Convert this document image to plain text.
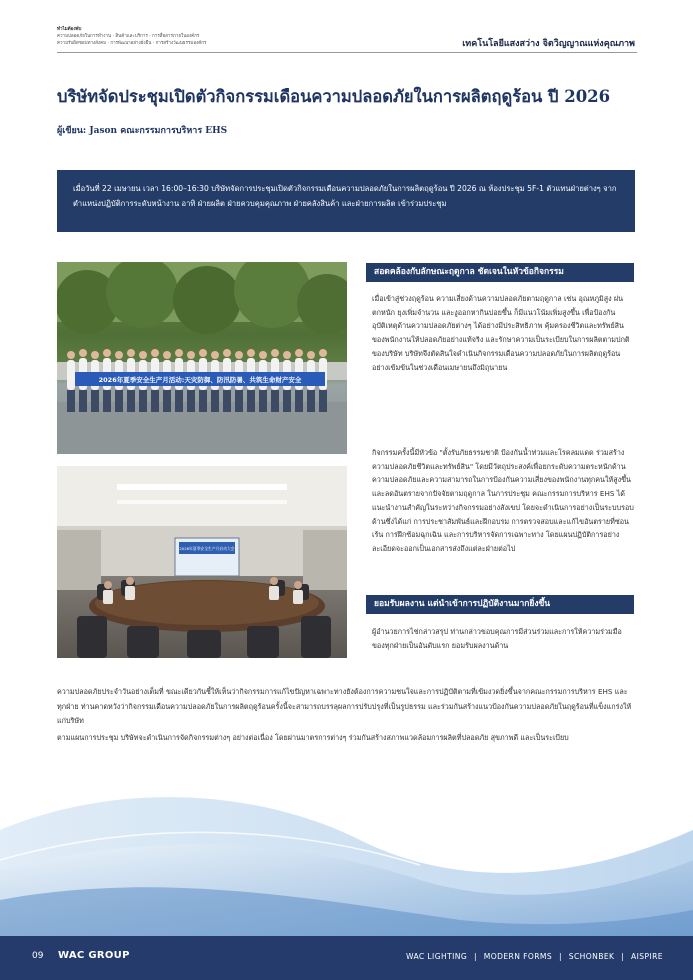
ทำไมต้องพับ
ความปลอดภัยในการทำงาน · สินค้าและบริการ · การสื่อสารภายในองค์กร
ความรับผิดชอบทางสังคม · การพัฒนาอย่างยั่งยืน · การสร้างวัฒนธรรมองค์กร	เทคโนโลยีแสงสว่าง จิตวิญญาณแห่งคุณภาพ
บริษัทจัดประชุมเปิดตัวกิจกรรมเดือนความปลอดภัยในการผลิตฤดูร้อน ปี 2026
ผู้เขียน: Jason คณะกรรมการบริหาร EHS
เมื่อวันที่ 22 เมษายน เวลา 16:00–16:30 บริษัทจัดการประชุมเปิดตัวกิจกรรมเดือนความปลอดภัยในการผลิตฤดูร้อน ปี 2026 ณ ห้องประชุม 5F-1 ตัวแทนฝ่ายต่างๆ จากตำแหน่งปฏิบัติการระดับหน้างาน อาทิ ฝ่ายผลิต ฝ่ายควบคุมคุณภาพ ฝ่ายคลังสินค้า และฝ่ายการผลิต เข้าร่วมประชุม
2026年夏季安全生产月活动:天灾防御、防汛防暑、共筑生命财产安全
2026年夏季安全生产月启动大会
สอดคล้องกับลักษณะฤดูกาล ชัดเจนในหัวข้อกิจกรรม
เมื่อเข้าสู่ช่วงฤดูร้อน ความเสี่ยงด้านความปลอดภัยตามฤดูกาล เช่น อุณหภูมิสูง ฝนตกหนัก ยุงเพิ่มจำนวน และงูออกหากินบ่อยขึ้น ก็มีแนวโน้มเพิ่มสูงขึ้น เพื่อป้องกันอุบัติเหตุด้านความปลอดภัยต่างๆ ได้อย่างมีประสิทธิภาพ คุ้มครองชีวิตและทรัพย์สินของพนักงานให้ปลอดภัยอย่างแท้จริง และรักษาความเป็นระเบียบในการผลิตตามปกติของบริษัท บริษัทจึงตัดสินใจดำเนินกิจกรรมเดือนความปลอดภัยในการผลิตฤดูร้อนอย่างเข้มข้นในช่วงเดือนเมษายนถึงมิถุนายน
กิจกรรมครั้งนี้มีหัวข้อ "ตั้งรับภัยธรรมชาติ ป้องกันน้ำท่วมและโรคลมแดด ร่วมสร้างความปลอดภัยชีวิตและทรัพย์สิน" โดยมีวัตถุประสงค์เพื่อยกระดับความตระหนักด้านความปลอดภัยและความสามารถในการป้องกันความเสี่ยงของพนักงานทุกคนให้สูงขึ้น และลดอันตรายจากปัจจัยตามฤดูกาล ในการประชุม คณะกรรมการบริหาร EHS ได้แนะนำงานสำคัญในระหว่างกิจกรรมอย่างสังเขป โดยจะดำเนินการอย่างเป็นระบบรอบด้านซึ่งได้แก่ การประชาสัมพันธ์และฝึกอบรม การตรวจสอบและแก้ไขอันตรายที่ซ่อนเร้น การฝึกซ้อมฉุกเฉิน และการบริหารจัดการเฉพาะทาง โดยแผนปฏิบัติการอย่างละเอียดจะออกเป็นเอกสารส่งถึงแต่ละฝ่ายต่อไป
ยอมรับผลงาน แต่นำเข้าการปฏิบัติงานมากยิ่งขึ้น
ผู้อำนวยการไช่กล่าวสรุป ท่านกล่าวขอบคุณการมีส่วนร่วมและการให้ความร่วมมือของทุกฝ่ายเป็นอันดับแรก ยอมรับผลงานด้าน
ความปลอดภัยประจำวันอย่างเต็มที่ ขณะเดียวกันชี้ให้เห็นว่ากิจกรรมการแก้ไขปัญหาเฉพาะทางยังต้องการความชนใจและการปฏิบัติตามที่เข้มงวดยิ่งขึ้นจากคณะกรรมการบริหาร EHS และทุกฝ่าย ท่านคาดหวังว่ากิจกรรมเดือนความปลอดภัยในการผลิตฤดูร้อนครั้งนี้จะสามารถบรรลุผลการปรับปรุงที่เป็นรูปธรรม และร่วมกันสร้างแนวป้องกันความปลอดภัยในฤดูร้อนที่แข็งแกร่งให้แก่บริษัท
ตามแผนการประชุม บริษัทจะดำเนินการจัดกิจกรรมต่างๆ อย่างต่อเนื่อง โดยผ่านมาตรการต่างๆ ร่วมกันสร้างสภาพแวดล้อมการผลิตที่ปลอดภัย สุขภาพดี และเป็นระเบียบ
09 WAC GROUP	WAC LIGHTING | MODERN FORMS | SCHONBEK | AISPIRE
